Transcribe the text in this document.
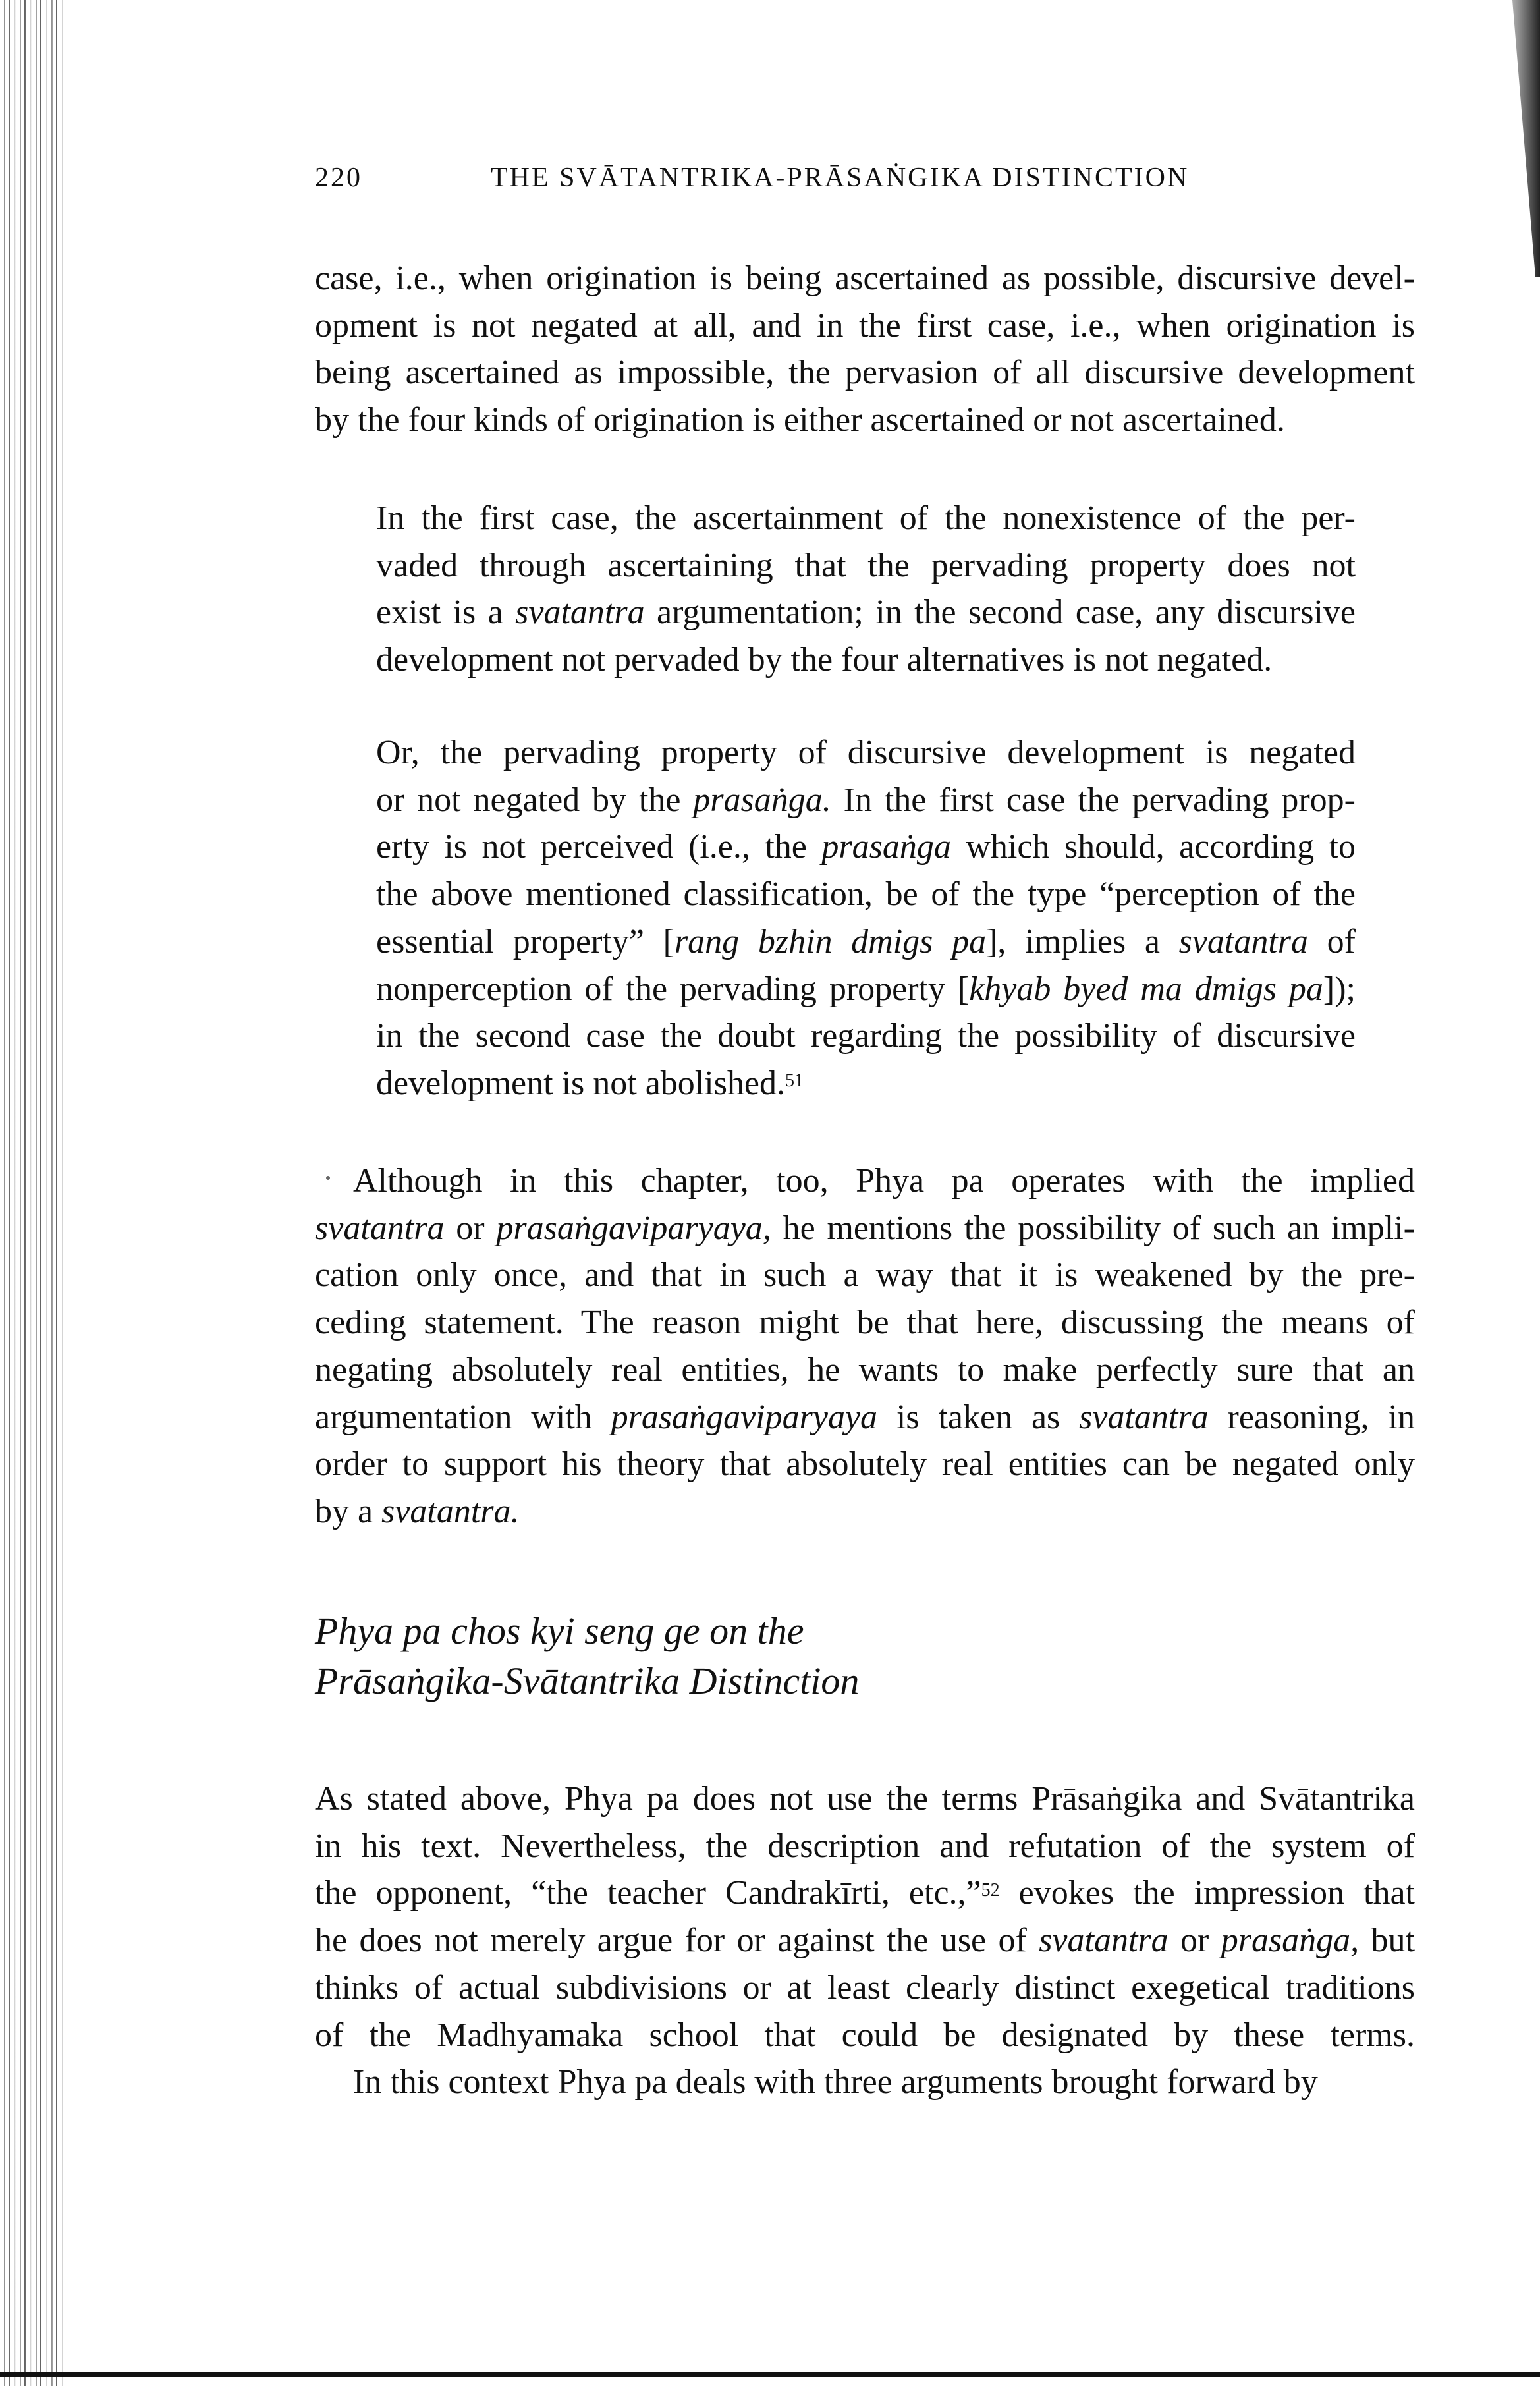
220	THE SVĀTANTRIKA-PRĀSAṄGIKA DISTINCTION
Phya pa chos kyi seng ge on the
Prāsaṅgika-Svātantrika Distinction
case, i.e., when origination is being ascertained as possible, discursive devel-
opment is not negated at all, and in the first case, i.e., when origination is
being ascertained as impossible, the pervasion of all discursive development
by the four kinds of origination is either ascertained or not ascertained.
In the first case, the ascertainment of the nonexistence of the per-
vaded through ascertaining that the pervading property does not
exist is a svatantra argumentation; in the second case, any discursive
development not pervaded by the four alternatives is not negated.
Or, the pervading property of discursive development is negated
or not negated by the prasaṅga. In the first case the pervading prop-
erty is not perceived (i.e., the prasaṅga which should, according to
the above mentioned classification, be of the type “perception of the
essential property” [rang bzhin dmigs pa], implies a svatantra of
nonperception of the pervading property [khyab byed ma dmigs pa]);
in the second case the doubt regarding the possibility of discursive
development is not abolished.$^{51}$
Although in this chapter, too, Phya pa operates with the implied
svatantra or prasaṅgaviparyaya, he mentions the possibility of such an impli-
cation only once, and that in such a way that it is weakened by the pre-
ceding statement. The reason might be that here, discussing the means of
negating absolutely real entities, he wants to make perfectly sure that an
argumentation with prasaṅgaviparyaya is taken as svatantra reasoning, in
order to support his theory that absolutely real entities can be negated only
by a svatantra.
As stated above, Phya pa does not use the terms Prāsaṅgika and Svātantrika
in his text. Nevertheless, the description and refutation of the system of
the opponent, “the teacher Candrakīrti, etc.,”$^{52}$ evokes the impression that
he does not merely argue for or against the use of svatantra or prasaṅga, but
thinks of actual subdivisions or at least clearly distinct exegetical traditions
of the Madhyamaka school that could be designated by these terms.
In this context Phya pa deals with three arguments brought forward by
